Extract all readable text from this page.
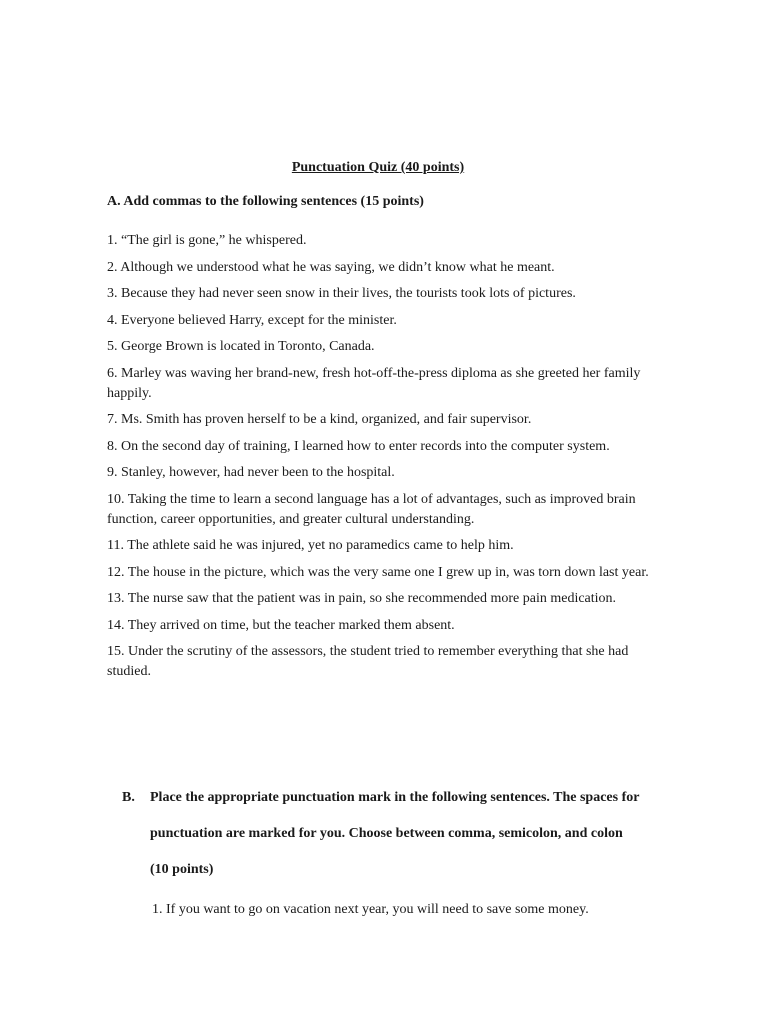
Punctuation Quiz (40 points)
A. Add commas to the following sentences (15 points)
1. “The girl is gone,” he whispered.
2. Although we understood what he was saying, we didn’t know what he meant.
3. Because they had never seen snow in their lives, the tourists took lots of pictures.
4. Everyone believed Harry, except for the minister.
5. George Brown is located in Toronto, Canada.
6. Marley was waving her brand-new, fresh hot-off-the-press diploma as she greeted her family happily.
7. Ms. Smith has proven herself to be a kind, organized, and fair supervisor.
8. On the second day of training, I learned how to enter records into the computer system.
9. Stanley, however, had never been to the hospital.
10. Taking the time to learn a second language has a lot of advantages, such as improved brain function, career opportunities, and greater cultural understanding.
11. The athlete said he was injured, yet no paramedics came to help him.
12. The house in the picture, which was the very same one I grew up in, was torn down last year.
13. The nurse saw that the patient was in pain, so she recommended more pain medication.
14. They arrived on time, but the teacher marked them absent.
15. Under the scrutiny of the assessors, the student tried to remember everything that she had studied.
B. Place the appropriate punctuation mark in the following sentences. The spaces for punctuation are marked for you. Choose between comma, semicolon, and colon (10 points)
1. If you want to go on vacation next year, you will need to save some money.
